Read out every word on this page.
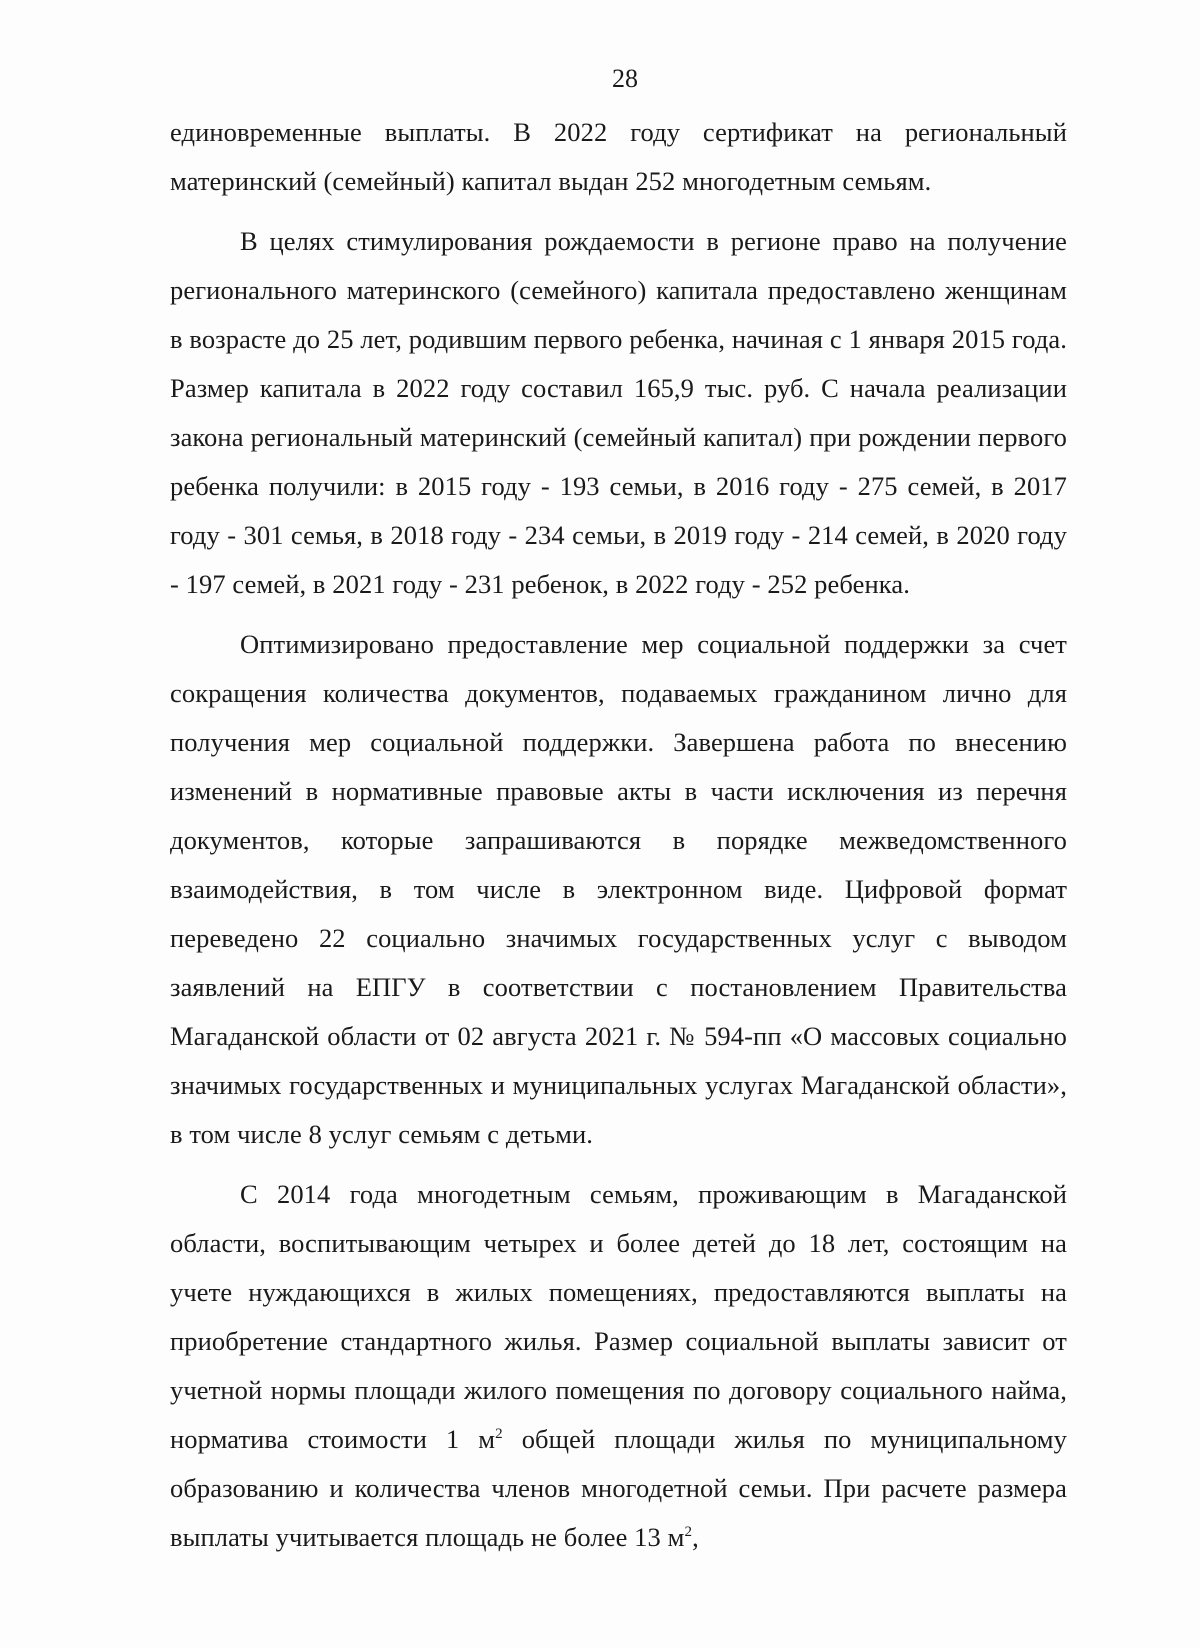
28

единовременные выплаты. В 2022 году сертификат на региональный материнский (семейный) капитал выдан 252 многодетным семьям.

В целях стимулирования рождаемости в регионе право на получение регионального материнского (семейного) капитала предоставлено женщинам в возрасте до 25 лет, родившим первого ребенка, начиная с 1 января 2015 года. Размер капитала в 2022 году составил 165,9 тыс. руб. С начала реализации закона региональный материнский (семейный капитал) при рождении первого ребенка получили: в 2015 году - 193 семьи, в 2016 году - 275 семей, в 2017 году - 301 семья, в 2018 году - 234 семьи, в 2019 году - 214 семей, в 2020 году - 197 семей, в 2021 году - 231 ребенок, в 2022 году - 252 ребенка.

Оптимизировано предоставление мер социальной поддержки за счет сокращения количества документов, подаваемых гражданином лично для получения мер социальной поддержки. Завершена работа по внесению изменений в нормативные правовые акты в части исключения из перечня документов, которые запрашиваются в порядке межведомственного взаимодействия, в том числе в электронном виде. Цифровой формат переведено 22 социально значимых государственных услуг с выводом заявлений на ЕПГУ в соответствии с постановлением Правительства Магаданской области от 02 августа 2021 г. № 594-пп «О массовых социально значимых государственных и муниципальных услугах Магаданской области», в том числе 8 услуг семьям с детьми.

С 2014 года многодетным семьям, проживающим в Магаданской области, воспитывающим четырех и более детей до 18 лет, состоящим на учете нуждающихся в жилых помещениях, предоставляются выплаты на приобретение стандартного жилья. Размер социальной выплаты зависит от учетной нормы площади жилого помещения по договору социального найма, норматива стоимости 1 $м^2$ общей площади жилья по муниципальному образованию и количества членов многодетной семьи. При расчете размера выплаты учитывается площадь не более 13 $м^2$,
